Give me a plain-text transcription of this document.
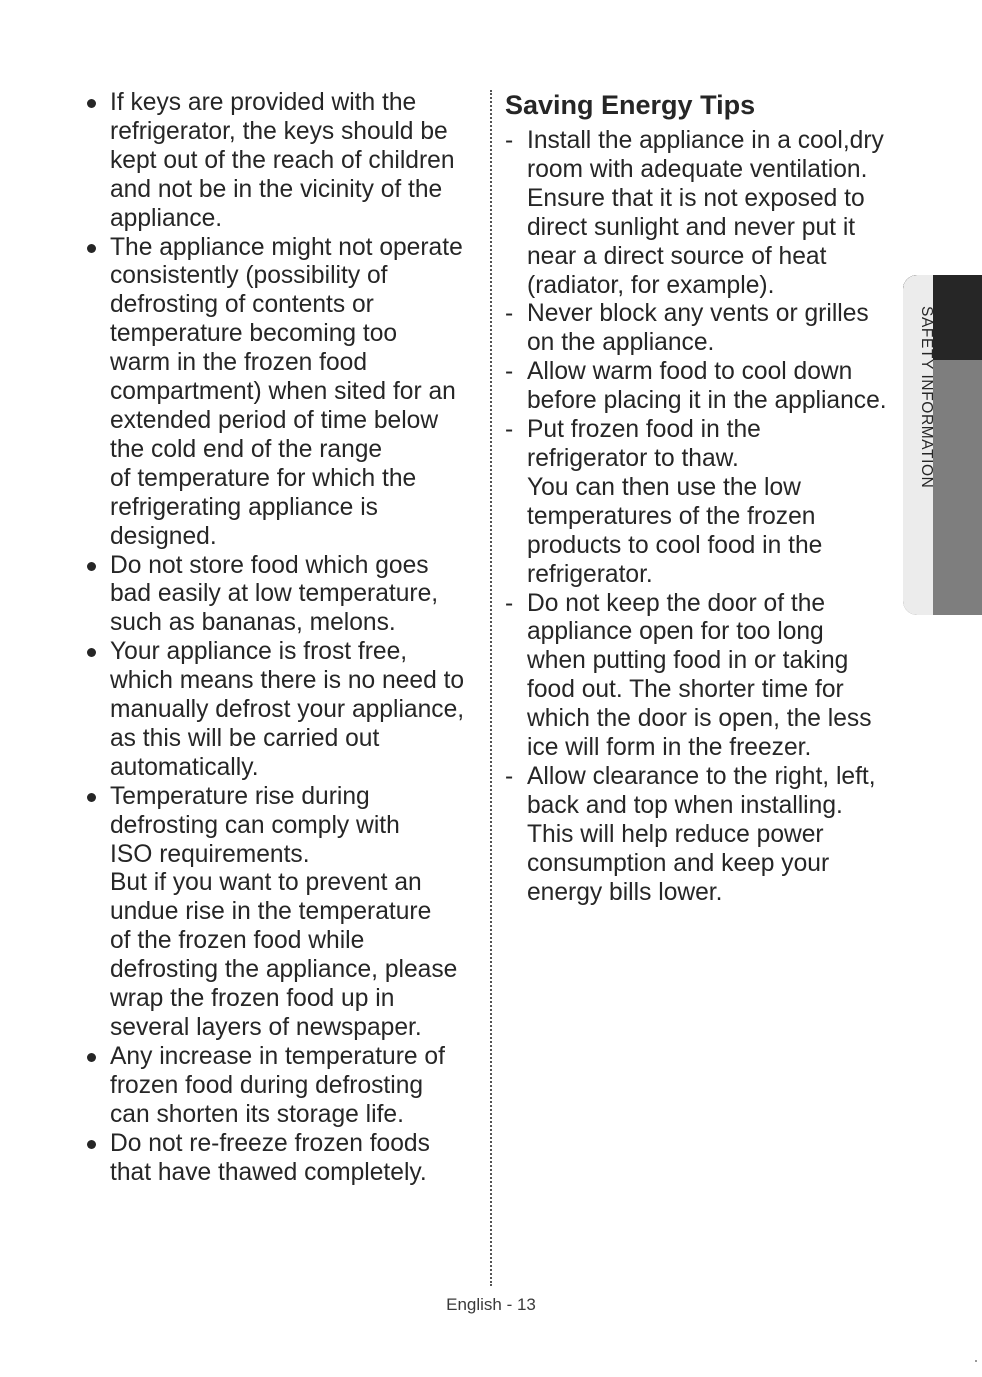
If keys are provided with the
refrigerator, the keys should be
kept out of the reach of children
and not be in the vicinity of the
appliance.
The appliance might not operate
consistently (possibility of
defrosting of contents or
temperature becoming too
warm in the frozen food
compartment) when sited for an
extended period of time below
the cold end of the range
of temperature for which the
refrigerating appliance is
designed.
Do not store food which goes
bad easily at low temperature,
such as bananas, melons.
Your appliance is frost free,
which means there is no need to
manually defrost your appliance,
as this will be carried out
automatically.
Temperature rise during
defrosting can comply with
ISO requirements.
But if you want to prevent an
undue rise in the temperature
of the frozen food while
defrosting the appliance, please
wrap the frozen food up in
several layers of newspaper.
Any increase in temperature of
frozen food during defrosting
can shorten its storage life.
Do not re-freeze frozen foods
that have thawed completely.
Saving Energy Tips
- Install the appliance in a cool,dry
room with adequate ventilation.
Ensure that it is not exposed to
direct sunlight and never put it
near a direct source of heat
(radiator, for example).
- Never block any vents or grilles
on the appliance.
- Allow warm food to cool down
before placing it in the appliance.
- Put frozen food in the
refrigerator to thaw.
You can then use the low
temperatures of the frozen
products to cool food in the
refrigerator.
- Do not keep the door of the
appliance open for too long
when putting food in or taking
food out. The shorter time for
which the door is open, the less
ice will form in the freezer.
- Allow clearance to the right, left,
back and top when installing.
This will help reduce power
consumption and keep your
energy bills lower.
SAFETY INFORMATION
English - 13
